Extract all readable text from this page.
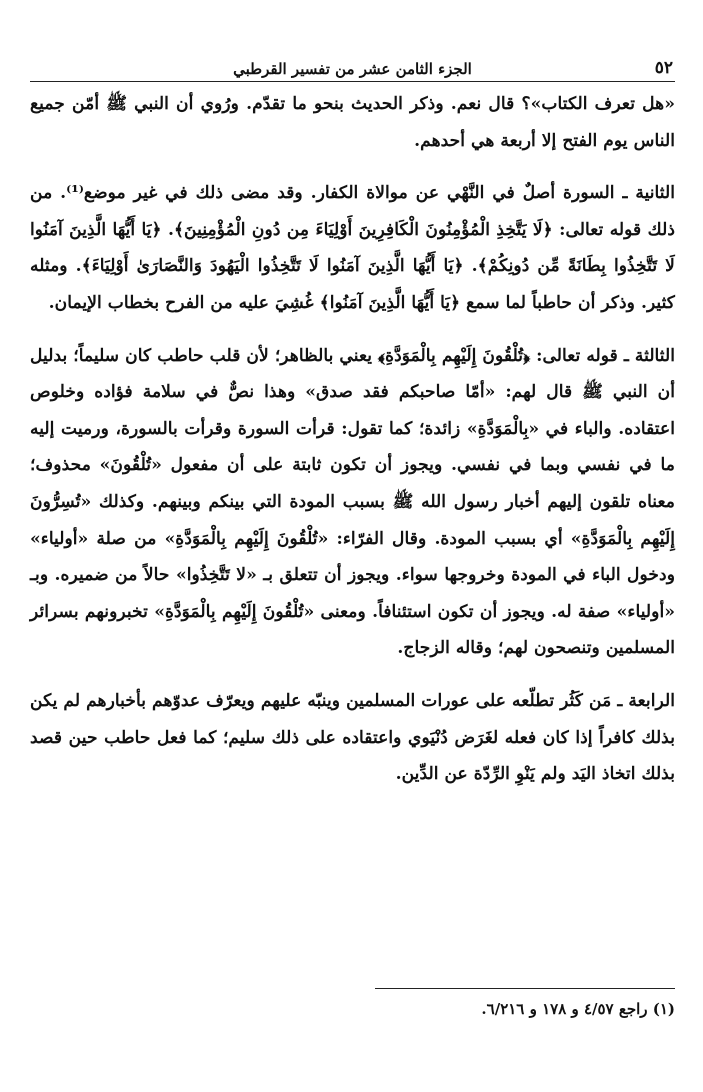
٥٢
الجزء الثامن عشر من تفسير القرطبي

«هل تعرف الكتاب»؟ قال نعم. وذكر الحديث بنحو ما تقدّم. ورُوي أن النبي ﷺ أمّن جميع الناس يوم الفتح إلا أربعة هي أحدهم.

الثانية ـ السورة أصلٌ في النَّهْي عن موالاة الكفار. وقد مضى ذلك في غير موضع⁽¹⁾. من ذلك قوله تعالى: ﴿لَا يَتَّخِذِ الْمُؤْمِنُونَ الْكَافِرِينَ أَوْلِيَاءَ مِن دُونِ الْمُؤْمِنِينَ﴾. ﴿يَا أَيُّهَا الَّذِينَ آمَنُوا لَا تَتَّخِذُوا بِطَانَةً مِّن دُونِكُمْ﴾. ﴿يَا أَيُّهَا الَّذِينَ آمَنُوا لَا تَتَّخِذُوا الْيَهُودَ وَالنَّصَارَىٰ أَوْلِيَاءَ﴾. ومثله كثير. وذكر أن حاطباً لما سمع ﴿يَا أَيُّهَا الَّذِينَ آمَنُوا﴾ غُشِيَ عليه من الفرح بخطاب الإيمان.

الثالثة ـ قوله تعالى: ﴿تُلْقُونَ إِلَيْهِم بِالْمَوَدَّةِ﴾ يعني بالظاهر؛ لأن قلب حاطب كان سليماً؛ بدليل أن النبي ﷺ قال لهم: «أمّا صاحبكم فقد صدق» وهذا نصٌّ في سلامة فؤاده وخلوص اعتقاده. والباء في «بِالْمَوَدَّةِ» زائدة؛ كما تقول: قرأت السورة وقرأت بالسورة، ورميت إليه ما في نفسي وبما في نفسي. ويجوز أن تكون ثابتة على أن مفعول «تُلْقُونَ» محذوف؛ معناه تلقون إليهم أخبار رسول الله ﷺ بسبب المودة التي بينكم وبينهم. وكذلك «تُسِرُّونَ إِلَيْهِم بِالْمَوَدَّةِ» أي بسبب المودة. وقال الفرّاء: «تُلْقُونَ إِلَيْهِم بِالْمَوَدَّةِ» من صلة «أولياء» ودخول الباء في المودة وخروجها سواء. ويجوز أن تتعلق بـ «لا تَتَّخِذُوا» حالاً من ضميره. وبـ «أولياء» صفة له. ويجوز أن تكون استئنافاً. ومعنى «تُلْقُونَ إِلَيْهِم بِالْمَوَدَّةِ» تخبرونهم بسرائر المسلمين وتنصحون لهم؛ وقاله الزجاج.

الرابعة ـ مَن كَثُر تطلّعه على عورات المسلمين وينبّه عليهم ويعرّف عدوّهم بأخبارهم لم يكن بذلك كافراً إذا كان فعله لغَرَض دُنْيَوي واعتقاده على ذلك سليم؛ كما فعل حاطب حين قصد بذلك اتخاذ اليَد ولم يَنْوِ الرِّدّة عن الدِّين.

(١) راجع ٤/٥٧ و ١٧٨ و ٦/٢١٦.
